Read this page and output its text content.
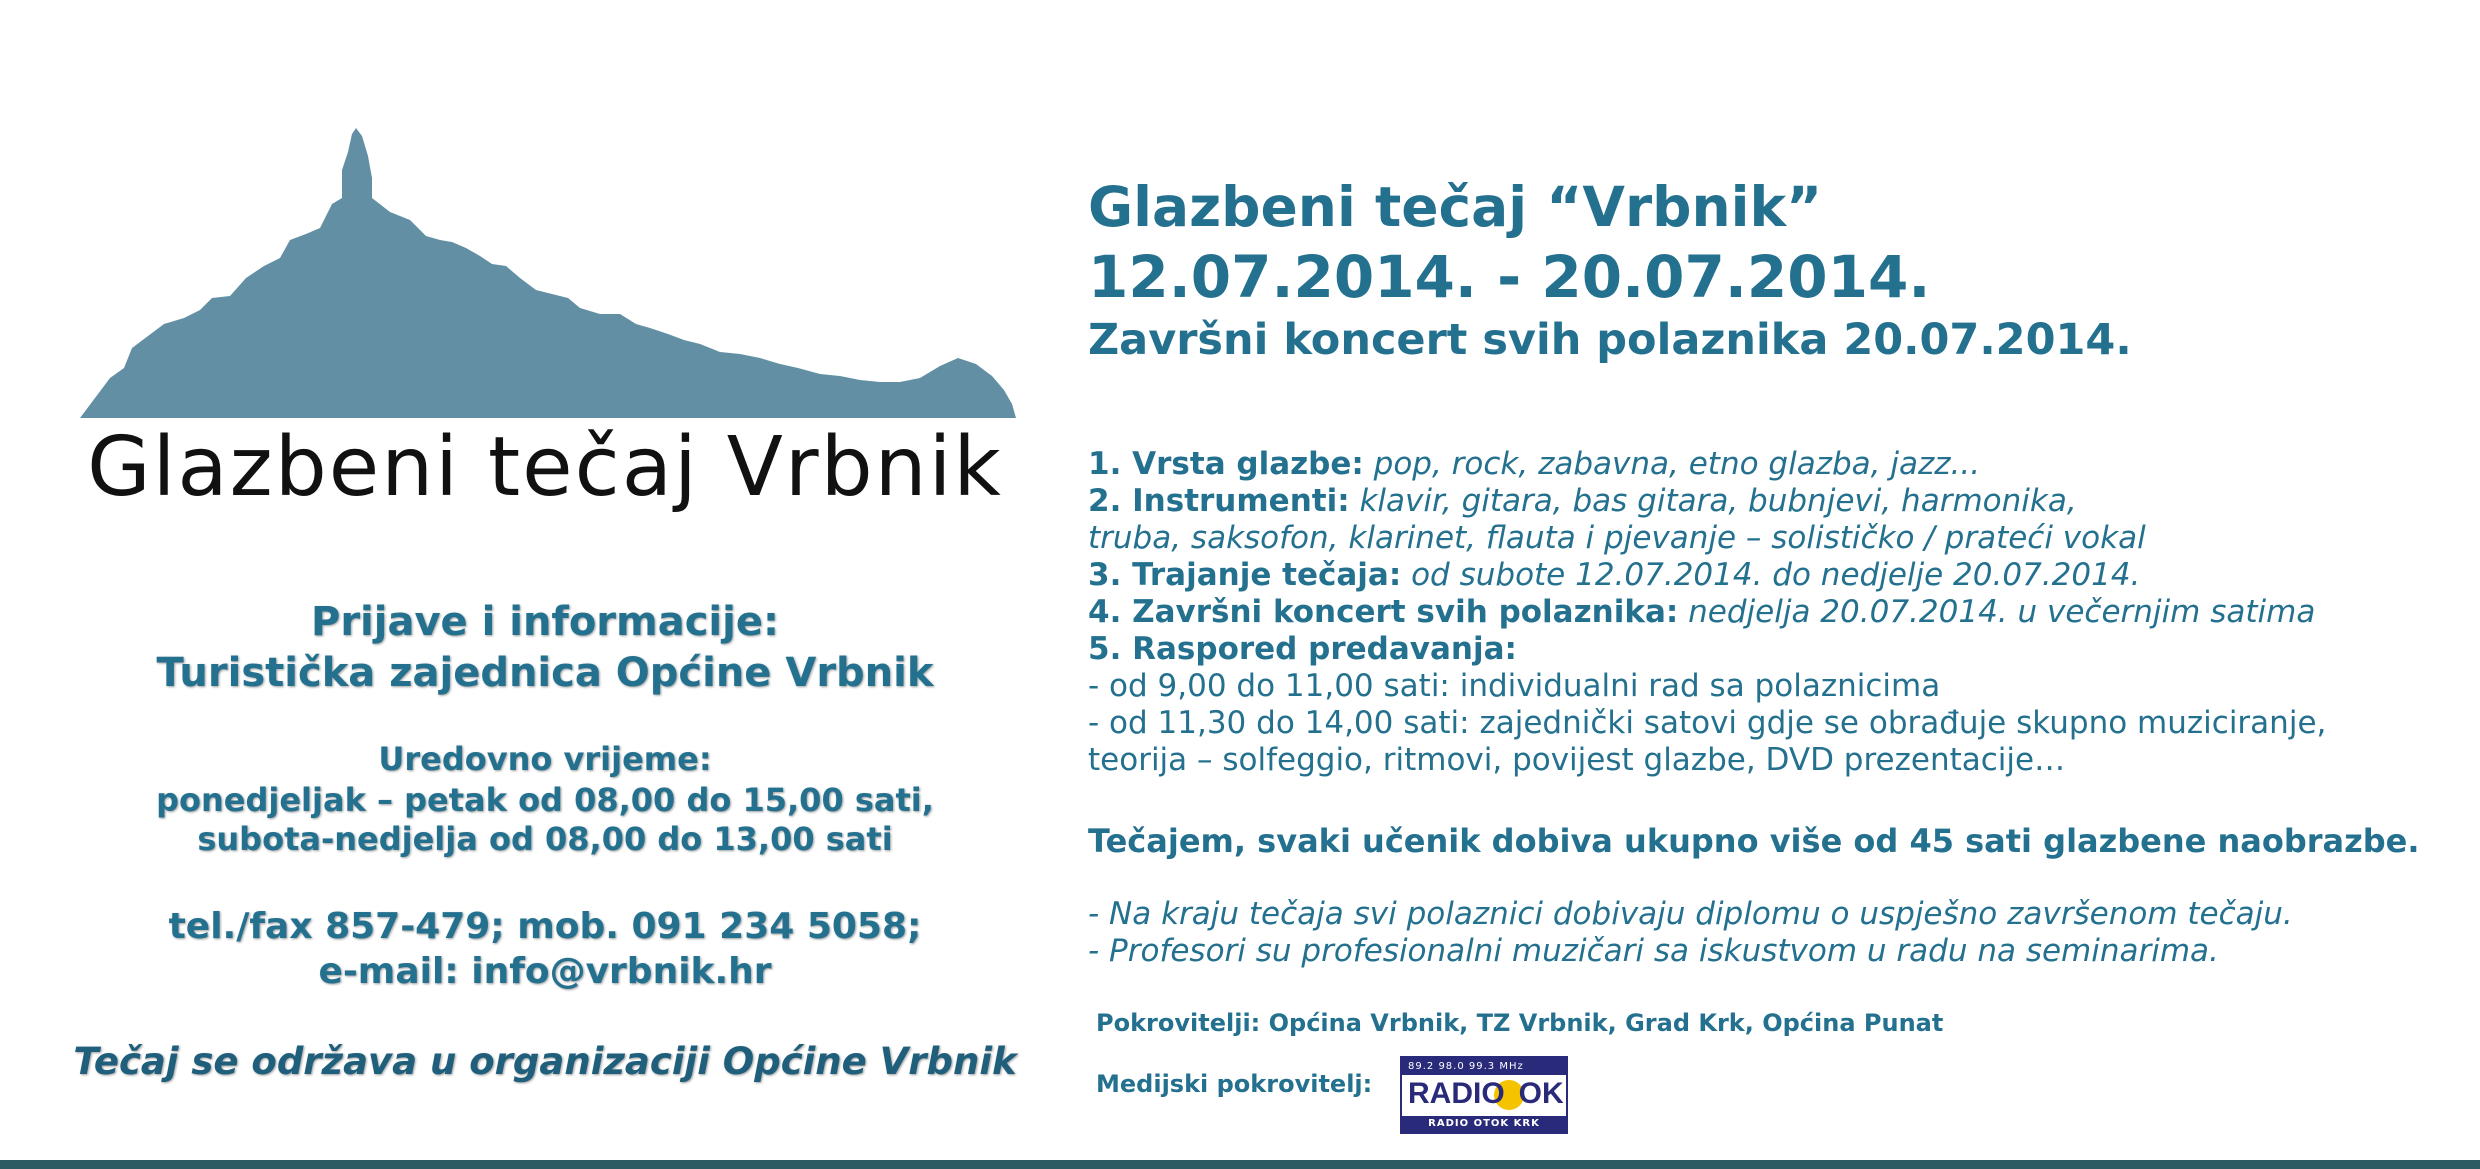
Glazbeni tečaj Vrbnik
Prijave i informacije:
Turistička zajednica Općine Vrbnik
Uredovno vrijeme:
ponedjeljak – petak od 08,00 do 15,00 sati,
subota-nedjelja od 08,00 do 13,00 sati
tel./fax 857-479; mob. 091 234 5058;
e-mail: info@vrbnik.hr
Tečaj se održava u organizaciji Općine Vrbnik
Glazbeni tečaj “Vrbnik”
12.07.2014. - 20.07.2014.
Završni koncert svih polaznika 20.07.2014.
1. Vrsta glazbe: pop, rock, zabavna, etno glazba, jazz...
2. Instrumenti: klavir, gitara, bas gitara, bubnjevi, harmonika,
truba, saksofon, klarinet, flauta i pjevanje – solističko / prateći vokal
3. Trajanje tečaja: od subote 12.07.2014. do nedjelje 20.07.2014.
4. Završni koncert svih polaznika: nedjelja 20.07.2014. u večernjim satima
5. Raspored predavanja:
- od 9,00 do 11,00 sati: individualni rad sa polaznicima
- od 11,30 do 14,00 sati: zajednički satovi gdje se obrađuje skupno muziciranje,
teorija – solfeggio, ritmovi, povijest glazbe, DVD prezentacije…
Tečajem, svaki učenik dobiva ukupno više od 45 sati glazbene naobrazbe.
- Na kraju tečaja svi polaznici dobivaju diplomu o uspješno završenom tečaju.
- Profesori su profesionalni muzičari sa iskustvom u radu na seminarima.
Pokrovitelji: Općina Vrbnik, TZ Vrbnik, Grad Krk, Općina Punat
Medijski pokrovitelj:
89.2 98.0 99.3 MHz
RADIO OK
RADIO OTOK KRK
